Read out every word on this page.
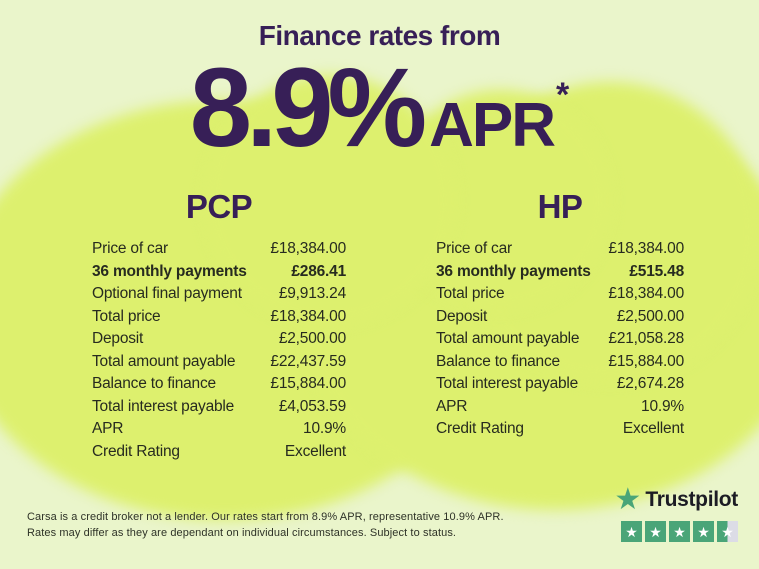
Finance rates from
8.9% APR *
PCP
Price of car	£18,384.00
36 monthly payments	£286.41
Optional final payment £9,913.24
Total price	£18,384.00
Deposit	£2,500.00
Total amount payable £22,437.59
Balance to finance	£15,884.00
Total interest payable	£4,053.59
APR	10.9%
Credit Rating	Excellent
HP
Price of car	£18,384.00
36 monthly payments £515.48
Total price	£18,384.00
Deposit	£2,500.00
Total amount payable £21,058.28
Balance to finance	£15,884.00
Total interest payable	£2,674.28
APR	10.9%
Credit Rating	Excellent
Carsa is a credit broker not a lender. Our rates start from 8.9% APR, representative 10.9% APR.
Rates may differ as they are dependant on individual circumstances. Subject to status.
★ Trustpilot
★ ★ ★ ★ ★
